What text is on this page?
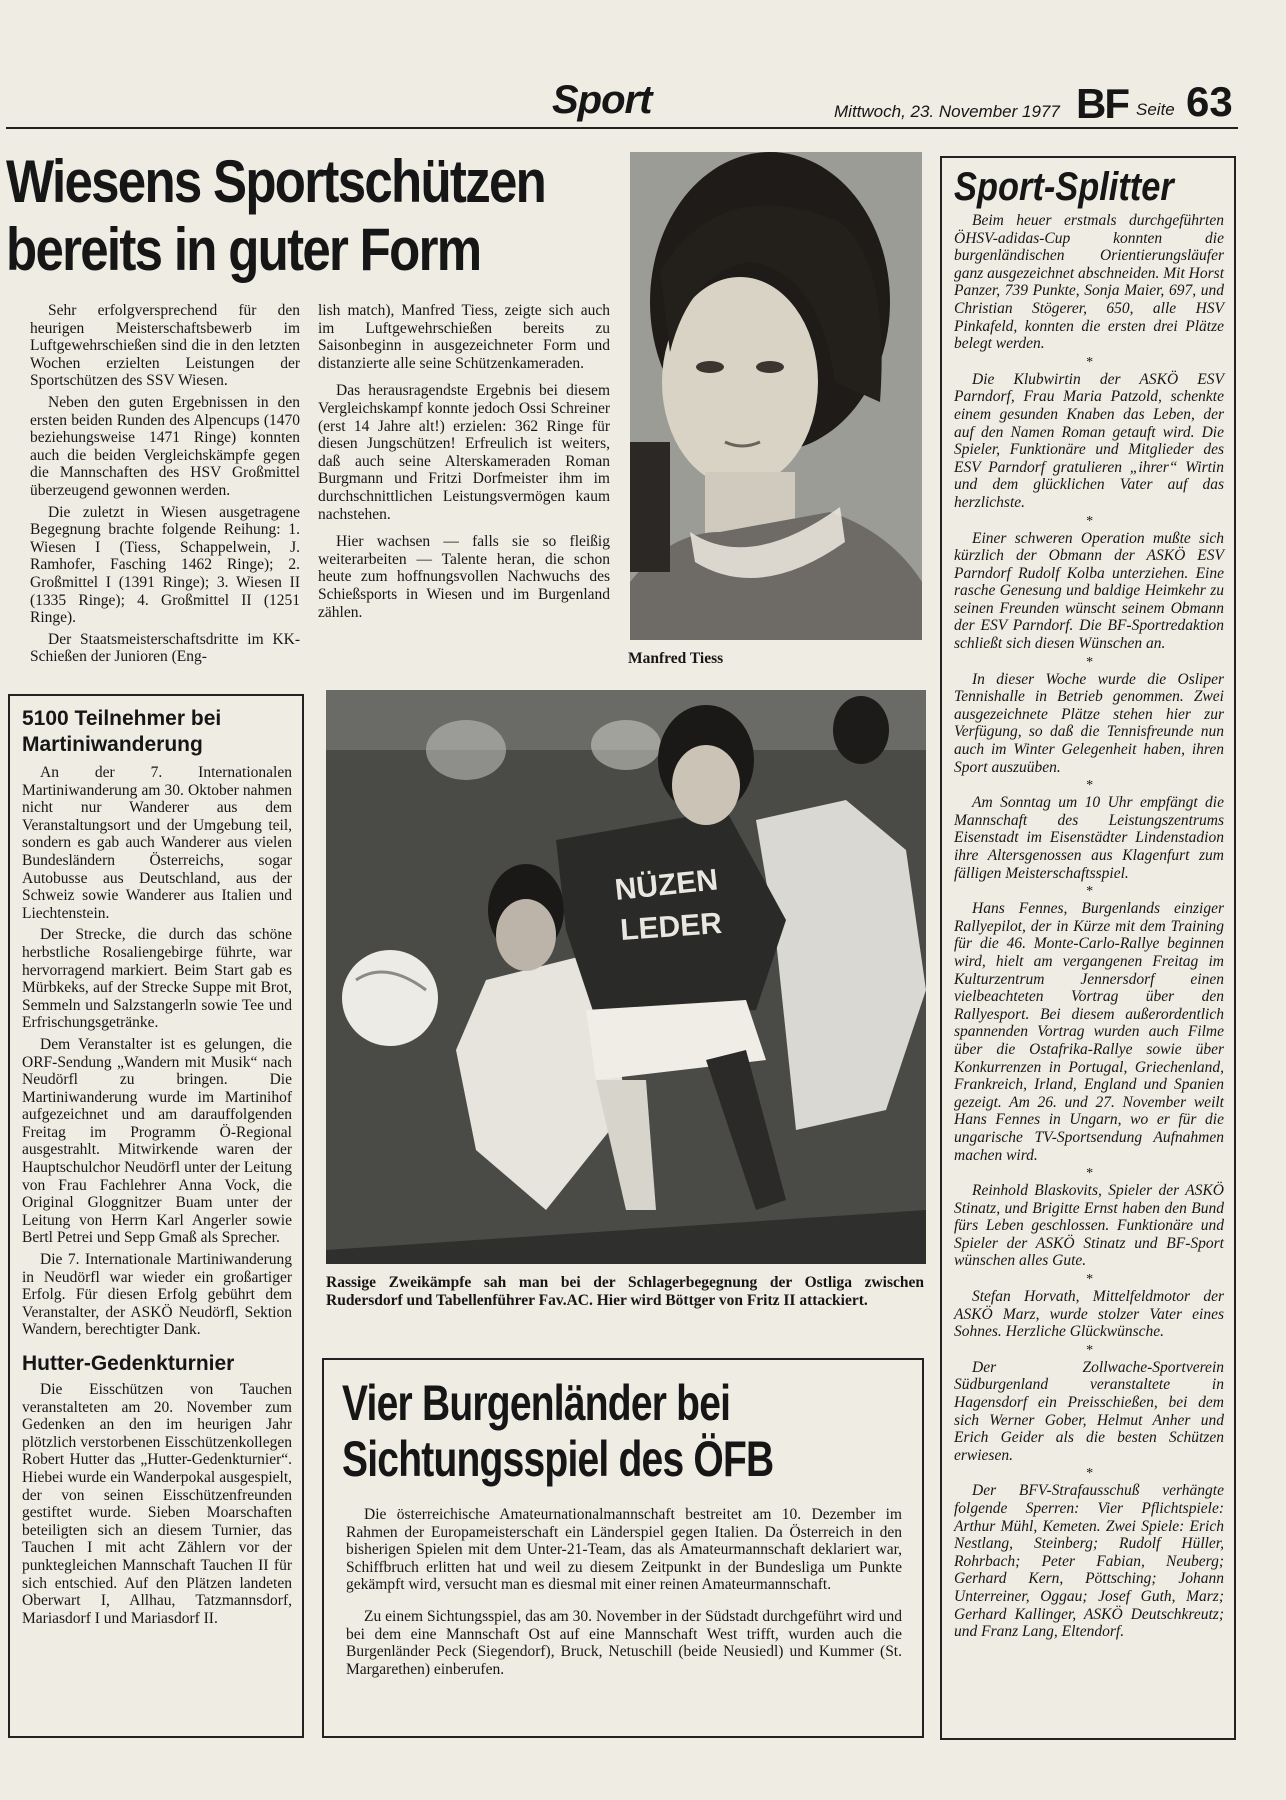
Sport	Mittwoch, 23. November 1977 BF Seite 63
Wiesens Sportschützen
bereits in guter Form

Sehr erfolgversprechend für den heurigen Meisterschaftsbewerb im Luftgewehrschießen sind die in den letzten Wochen erzielten Leistungen der Sportschützen des SSV Wiesen.

Neben den guten Ergebnissen in den ersten beiden Runden des Alpencups (1470 beziehungsweise 1471 Ringe) konnten auch die beiden Vergleichskämpfe gegen die Mannschaften des HSV Großmittel überzeugend gewonnen werden.

Die zuletzt in Wiesen ausgetragene Begegnung brachte folgende Reihung: 1. Wiesen I (Tiess, Schappelwein, J. Ramhofer, Fasching 1462 Ringe); 2. Großmittel I (1391 Ringe); 3. Wiesen II (1335 Ringe); 4. Großmittel II (1251 Ringe).

Der Staatsmeisterschaftsdritte im KK-Schießen der Junioren (Eng-

lish match), Manfred Tiess, zeigte sich auch im Luftgewehrschießen bereits zu Saisonbeginn in ausgezeichneter Form und distanzierte alle seine Schützenkameraden.

Das herausragendste Ergebnis bei diesem Vergleichskampf konnte jedoch Ossi Schreiner (erst 14 Jahre alt!) erzielen: 362 Ringe für diesen Jungschützen! Erfreulich ist weiters, daß auch seine Alterskameraden Roman Burgmann und Fritzi Dorfmeister ihm im durchschnittlichen Leistungsvermögen kaum nachstehen.

Hier wachsen — falls sie so fleißig weiterarbeiten — Talente heran, die schon heute zum hoffnungsvollen Nachwuchs des Schießsports in Wiesen und im Burgenland zählen.

Manfred Tiess
5100 Teilnehmer bei Martiniwanderung

An der 7. Internationalen Martiniwanderung am 30. Oktober nahmen nicht nur Wanderer aus dem Veranstaltungsort und der Umgebung teil, sondern es gab auch Wanderer aus vielen Bundesländern Österreichs, sogar Autobusse aus Deutschland, aus der Schweiz sowie Wanderer aus Italien und Liechtenstein.

Der Strecke, die durch das schöne herbstliche Rosaliengebirge führte, war hervorragend markiert. Beim Start gab es Mürbkeks, auf der Strecke Suppe mit Brot, Semmeln und Salzstangerln sowie Tee und Erfrischungsgetränke.

Dem Veranstalter ist es gelungen, die ORF-Sendung „Wandern mit Musik“ nach Neudörfl zu bringen. Die Martiniwanderung wurde im Martinihof aufgezeichnet und am darauffolgenden Freitag im Programm Ö-Regional ausgestrahlt. Mitwirkende waren der Hauptschulchor Neudörfl unter der Leitung von Frau Fachlehrer Anna Vock, die Original Gloggnitzer Buam unter der Leitung von Herrn Karl Angerler sowie Bertl Petrei und Sepp Gmaß als Sprecher.

Die 7. Internationale Martiniwanderung in Neudörfl war wieder ein großartiger Erfolg. Für diesen Erfolg gebührt dem Veranstalter, der ASKÖ Neudörfl, Sektion Wandern, berechtigter Dank.

Hutter-Gedenkturnier

Die Eisschützen von Tauchen veranstalteten am 20. November zum Gedenken an den im heurigen Jahr plötzlich verstorbenen Eisschützenkollegen Robert Hutter das „Hutter-Gedenkturnier“. Hiebei wurde ein Wanderpokal ausgespielt, der von seinen Eisschützenfreunden gestiftet wurde. Sieben Moarschaften beteiligten sich an diesem Turnier, das Tauchen I mit acht Zählern vor der punktegleichen Mannschaft Tauchen II für sich entschied. Auf den Plätzen landeten Oberwart I, Allhau, Tatzmannsdorf, Mariasdorf I und Mariasdorf II.

NÜZEN
LEDER
Rassige Zweikämpfe sah man bei der Schlagerbegegnung der Ostliga zwischen Rudersdorf und Tabellenführer Fav.AC. Hier wird Böttger von Fritz II attackiert.
Vier Burgenländer bei
Sichtungsspiel des ÖFB

Die österreichische Amateurnationalmannschaft bestreitet am 10. Dezember im Rahmen der Europameisterschaft ein Länderspiel gegen Italien. Da Österreich in den bisherigen Spielen mit dem Unter-21-Team, das als Amateurmannschaft deklariert war, Schiffbruch erlitten hat und weil zu diesem Zeitpunkt in der Bundesliga um Punkte gekämpft wird, versucht man es diesmal mit einer reinen Amateurmannschaft.

Zu einem Sichtungsspiel, das am 30. November in der Südstadt durchgeführt wird und bei dem eine Mannschaft Ost auf eine Mannschaft West trifft, wurden auch die Burgenländer Peck (Siegendorf), Bruck, Netuschill (beide Neusiedl) und Kummer (St. Margarethen) einberufen.

Sport-Splitter

Beim heuer erstmals durchgeführten ÖHSV-adidas-Cup konnten die burgenländischen Orientierungsläufer ganz ausgezeichnet abschneiden. Mit Horst Panzer, 739 Punkte, Sonja Maier, 697, und Christian Stögerer, 650, alle HSV Pinkafeld, konnten die ersten drei Plätze belegt werden.

*

Die Klubwirtin der ASKÖ ESV Parndorf, Frau Maria Patzold, schenkte einem gesunden Knaben das Leben, der auf den Namen Roman getauft wird. Die Spieler, Funktionäre und Mitglieder des ESV Parndorf gratulieren „ihrer“ Wirtin und dem glücklichen Vater auf das herzlichste.

*

Einer schweren Operation mußte sich kürzlich der Obmann der ASKÖ ESV Parndorf Rudolf Kolba unterziehen. Eine rasche Genesung und baldige Heimkehr zu seinen Freunden wünscht seinem Obmann der ESV Parndorf. Die BF-Sportredaktion schließt sich diesen Wünschen an.

*

In dieser Woche wurde die Osliper Tennishalle in Betrieb genommen. Zwei ausgezeichnete Plätze stehen hier zur Verfügung, so daß die Tennisfreunde nun auch im Winter Gelegenheit haben, ihren Sport auszuüben.

*

Am Sonntag um 10 Uhr empfängt die Mannschaft des Leistungszentrums Eisenstadt im Eisenstädter Lindenstadion ihre Altersgenossen aus Klagenfurt zum fälligen Meisterschaftsspiel.

*

Hans Fennes, Burgenlands einziger Rallyepilot, der in Kürze mit dem Training für die 46. Monte-Carlo-Rallye beginnen wird, hielt am vergangenen Freitag im Kulturzentrum Jennersdorf einen vielbeachteten Vortrag über den Rallyesport. Bei diesem außerordentlich spannenden Vortrag wurden auch Filme über die Ostafrika-Rallye sowie über Konkurrenzen in Portugal, Griechenland, Frankreich, Irland, England und Spanien gezeigt. Am 26. und 27. November weilt Hans Fennes in Ungarn, wo er für die ungarische TV-Sportsendung Aufnahmen machen wird.

*

Reinhold Blaskovits, Spieler der ASKÖ Stinatz, und Brigitte Ernst haben den Bund fürs Leben geschlossen. Funktionäre und Spieler der ASKÖ Stinatz und BF-Sport wünschen alles Gute.

*

Stefan Horvath, Mittelfeldmotor der ASKÖ Marz, wurde stolzer Vater eines Sohnes. Herzliche Glückwünsche.

*

Der Zollwache-Sportverein Südburgenland veranstaltete in Hagensdorf ein Preisschießen, bei dem sich Werner Gober, Helmut Anher und Erich Geider als die besten Schützen erwiesen.

*

Der BFV-Strafausschuß verhängte folgende Sperren: Vier Pflichtspiele: Arthur Mühl, Kemeten. Zwei Spiele: Erich Nestlang, Steinberg; Rudolf Hüller, Rohrbach; Peter Fabian, Neuberg; Gerhard Kern, Pöttsching; Johann Unterreiner, Oggau; Josef Guth, Marz; Gerhard Kallinger, ASKÖ Deutschkreutz; und Franz Lang, Eltendorf.
